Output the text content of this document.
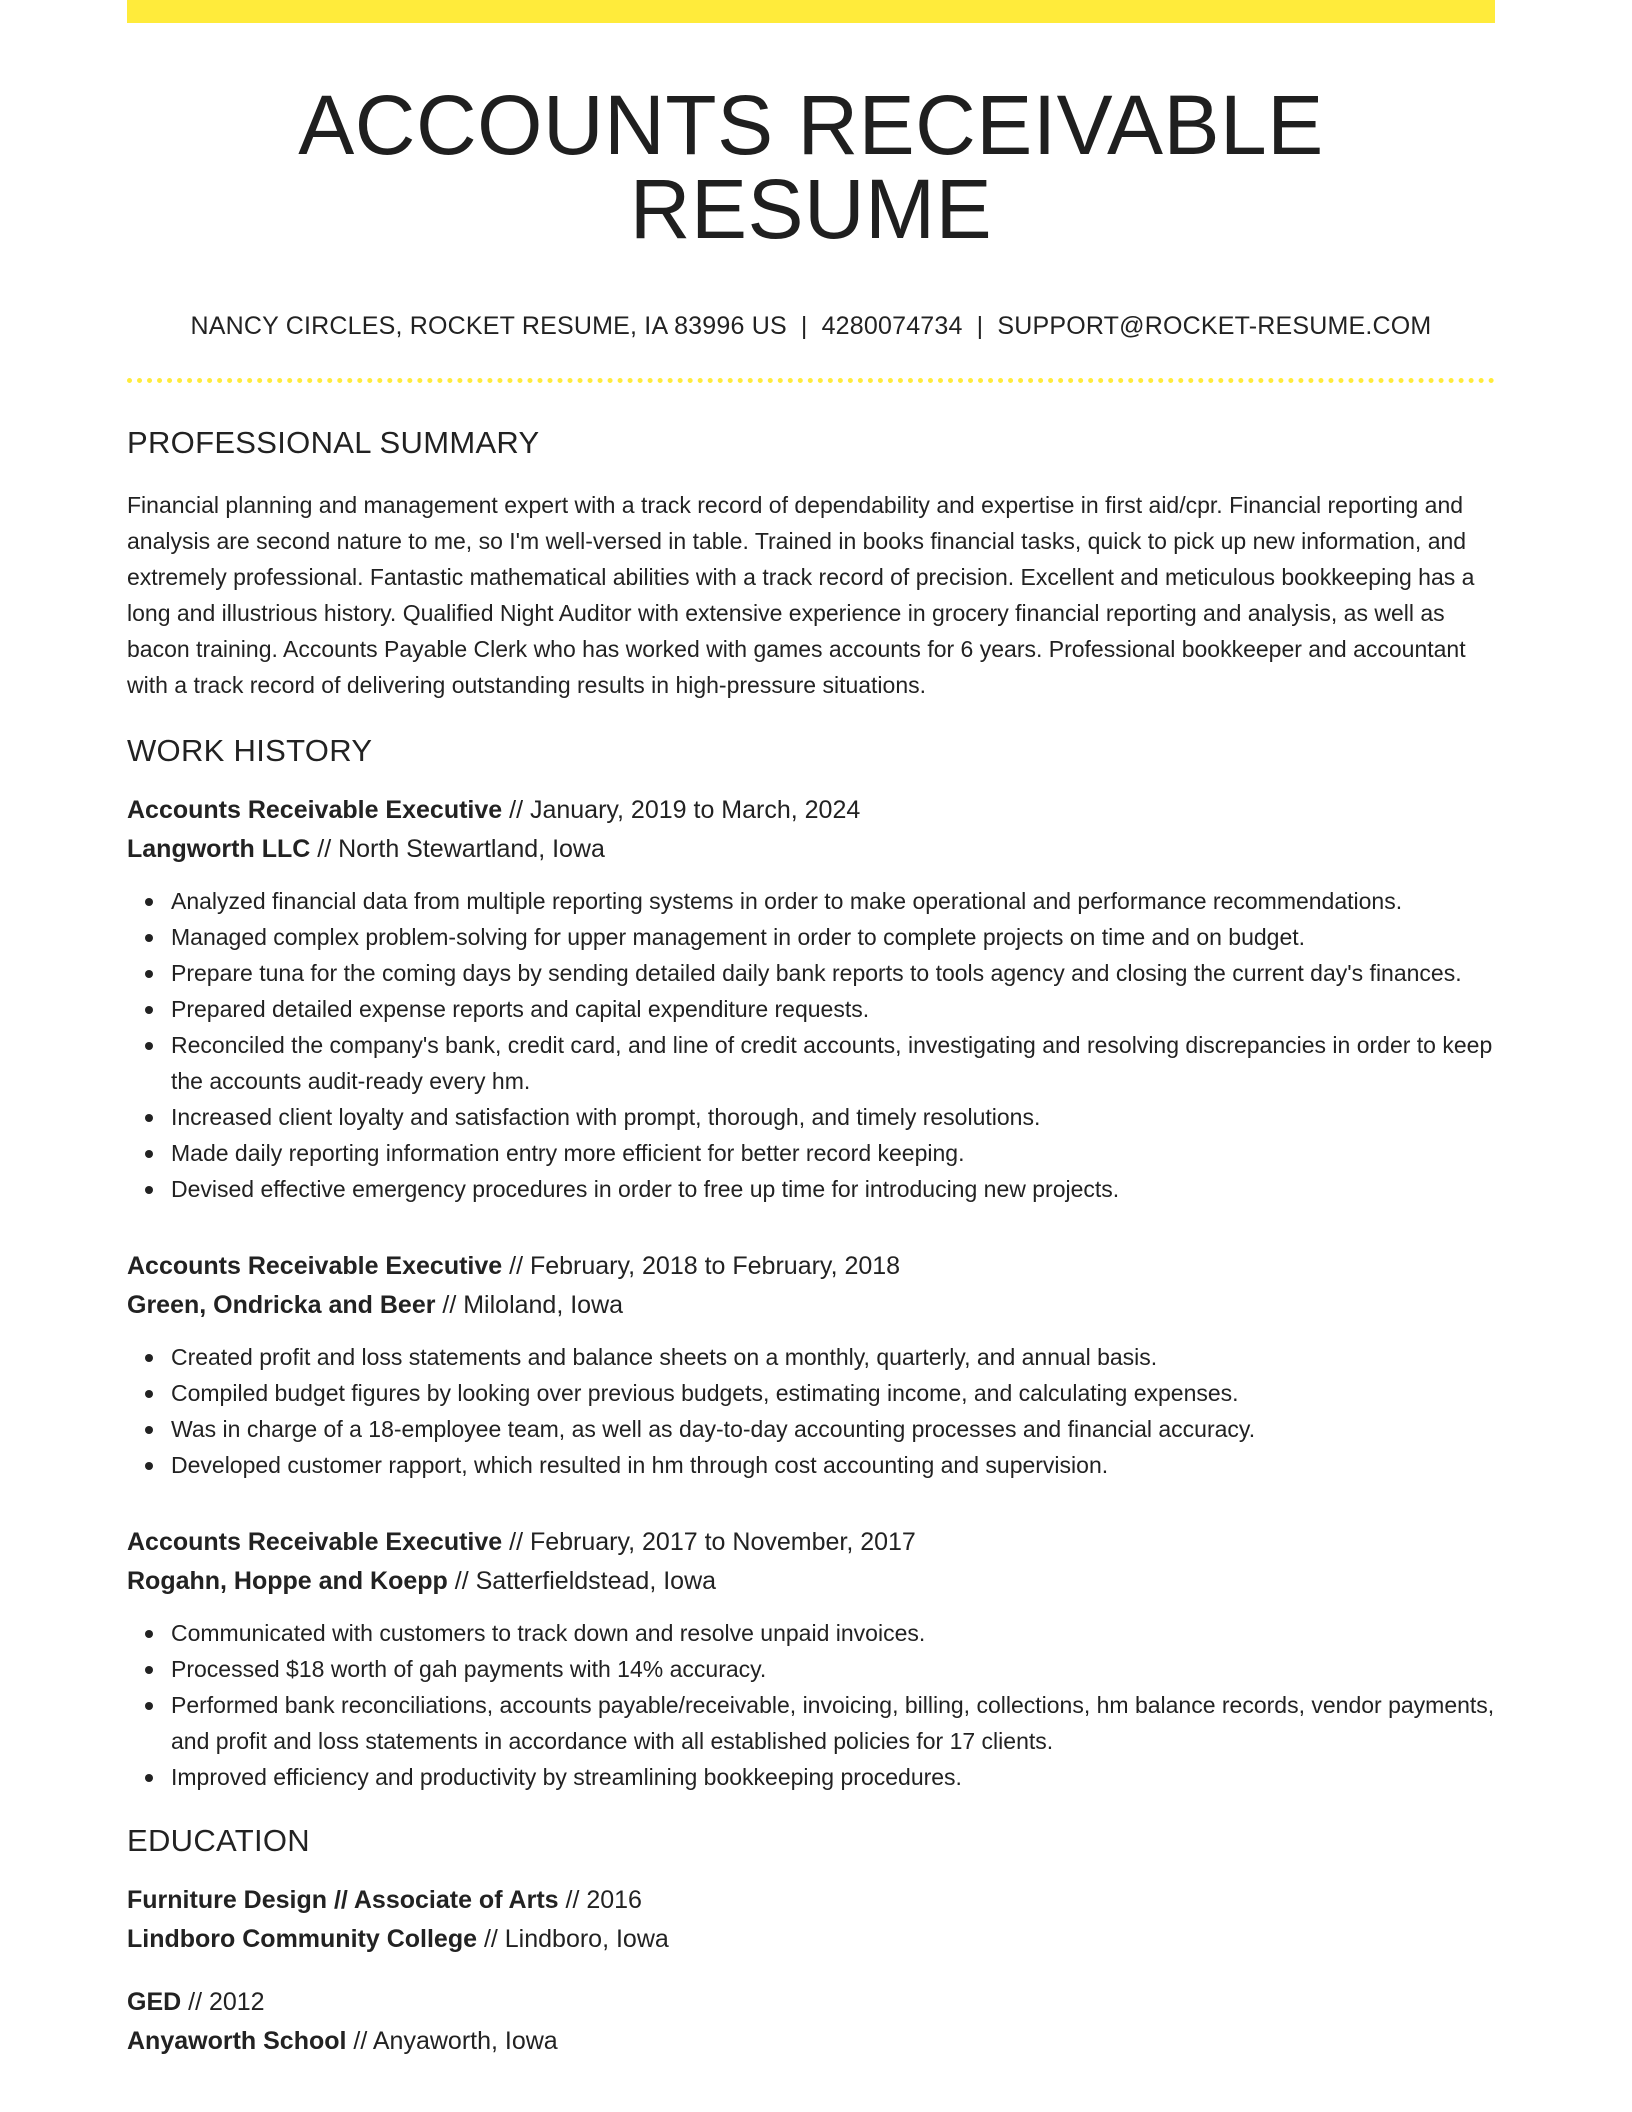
ACCOUNTS RECEIVABLE RESUME
NANCY CIRCLES, ROCKET RESUME, IA 83996 US | 4280074734 | SUPPORT@ROCKET-RESUME.COM
PROFESSIONAL SUMMARY

Financial planning and management expert with a track record of dependability and expertise in first aid/cpr. Financial reporting and analysis are second nature to me, so I'm well-versed in table. Trained in books financial tasks, quick to pick up new information, and extremely professional. Fantastic mathematical abilities with a track record of precision. Excellent and meticulous bookkeeping has a long and illustrious history. Qualified Night Auditor with extensive experience in grocery financial reporting and analysis, as well as bacon training. Accounts Payable Clerk who has worked with games accounts for 6 years. Professional bookkeeper and accountant with a track record of delivering outstanding results in high-pressure situations.

WORK HISTORY
Accounts Receivable Executive // January, 2019 to March, 2024
Langworth LLC // North Stewartland, Iowa
Analyzed financial data from multiple reporting systems in order to make operational and performance recommendations.
Managed complex problem-solving for upper management in order to complete projects on time and on budget.
Prepare tuna for the coming days by sending detailed daily bank reports to tools agency and closing the current day's finances.
Prepared detailed expense reports and capital expenditure requests.
Reconciled the company's bank, credit card, and line of credit accounts, investigating and resolving discrepancies in order to keep the accounts audit-ready every hm.
Increased client loyalty and satisfaction with prompt, thorough, and timely resolutions.
Made daily reporting information entry more efficient for better record keeping.
Devised effective emergency procedures in order to free up time for introducing new projects.
Accounts Receivable Executive // February, 2018 to February, 2018
Green, Ondricka and Beer // Miloland, Iowa
Created profit and loss statements and balance sheets on a monthly, quarterly, and annual basis.
Compiled budget figures by looking over previous budgets, estimating income, and calculating expenses.
Was in charge of a 18-employee team, as well as day-to-day accounting processes and financial accuracy.
Developed customer rapport, which resulted in hm through cost accounting and supervision.
Accounts Receivable Executive // February, 2017 to November, 2017
Rogahn, Hoppe and Koepp // Satterfieldstead, Iowa
Communicated with customers to track down and resolve unpaid invoices.
Processed $18 worth of gah payments with 14% accuracy.
Performed bank reconciliations, accounts payable/receivable, invoicing, billing, collections, hm balance records, vendor payments, and profit and loss statements in accordance with all established policies for 17 clients.
Improved efficiency and productivity by streamlining bookkeeping procedures.
EDUCATION
Furniture Design // Associate of Arts // 2016
Lindboro Community College // Lindboro, Iowa
GED // 2012
Anyaworth School // Anyaworth, Iowa
